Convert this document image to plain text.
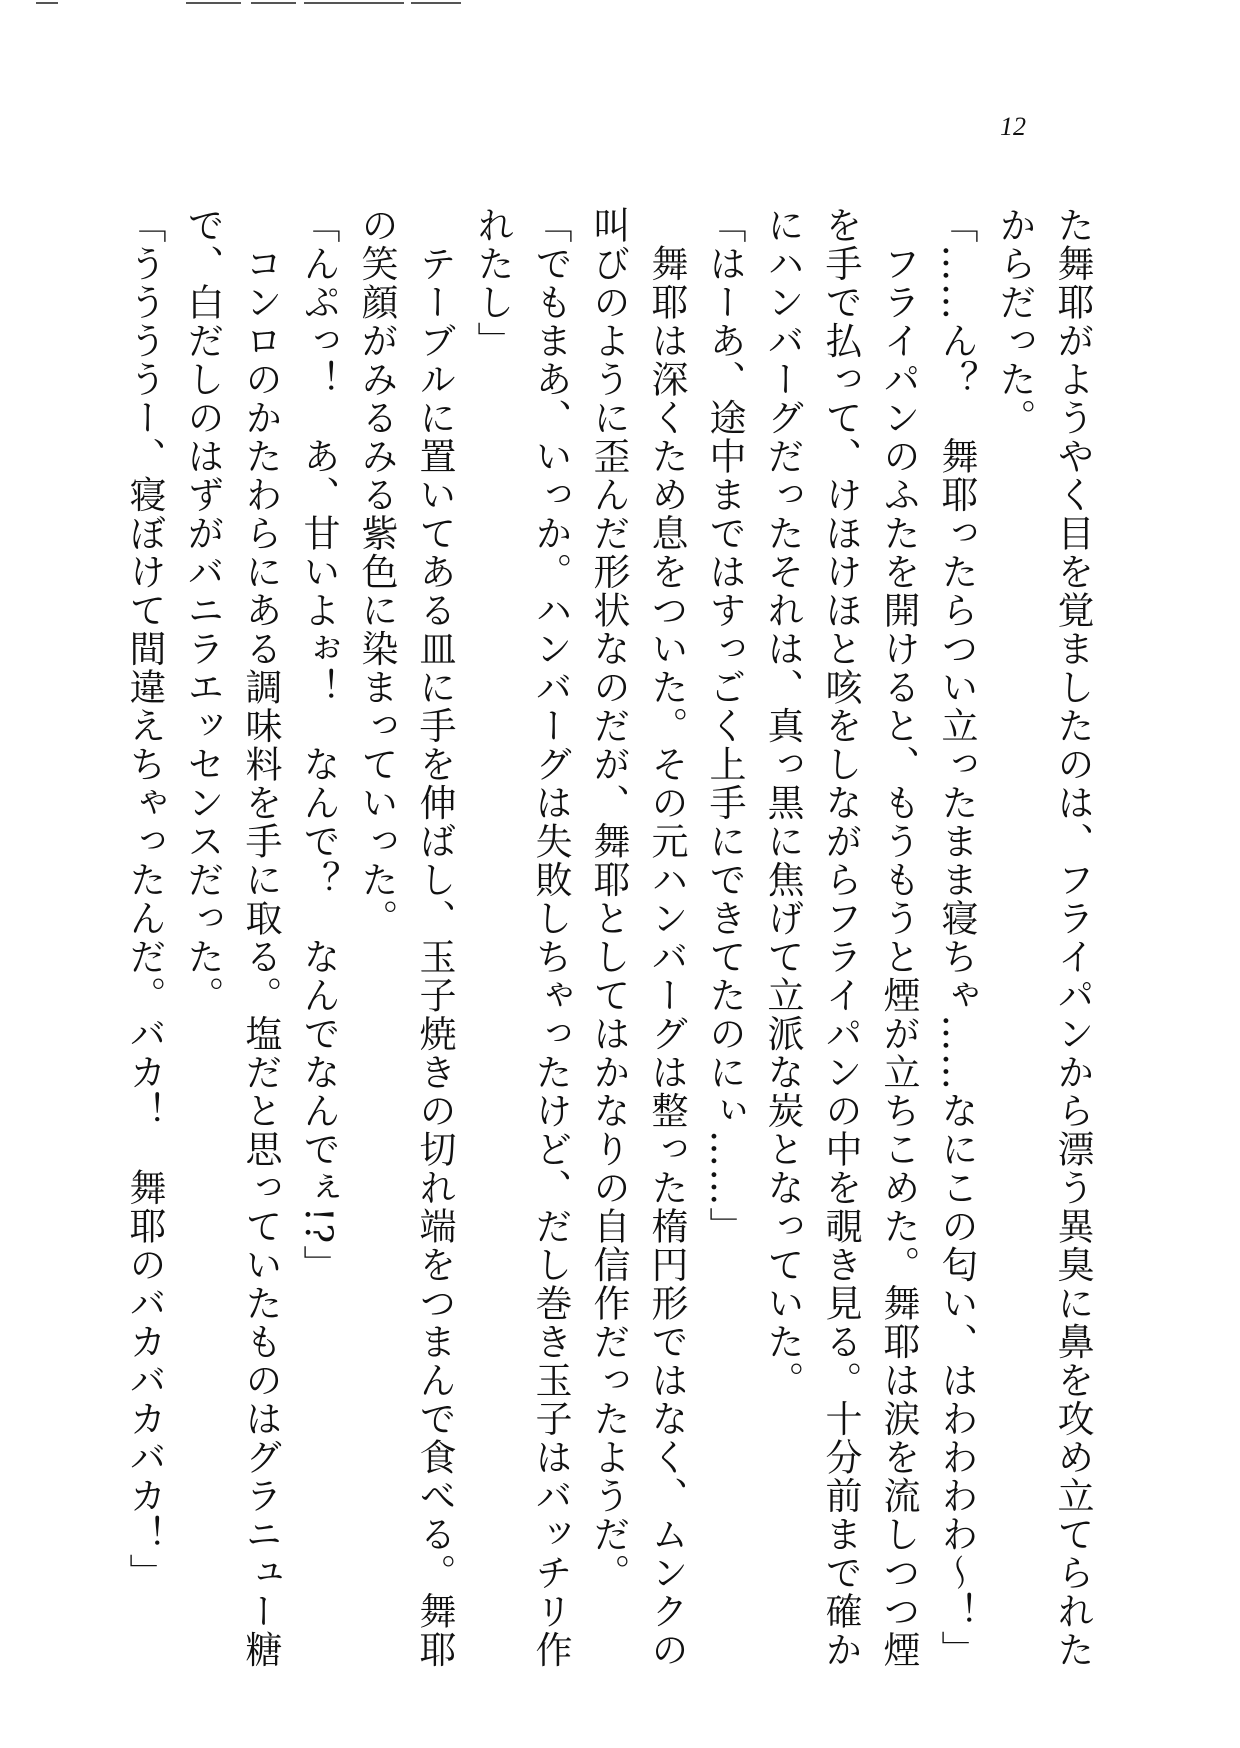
12
た舞耶がようやく目を覚ましたのは、フライパンから漂う異臭に鼻を攻め立てられた
からだった。
「……ん？　舞耶ったらつい立ったまま寝ちゃ……なにこの匂い、はわわわわ～！」
　フライパンのふたを開けると、もうもうと煙が立ちこめた。舞耶は涙を流しつつ煙
を手で払って、けほけほと咳をしながらフライパンの中を覗き見る。十分前まで確か
にハンバーグだったそれは、真っ黒に焦げて立派な炭となっていた。
「はーあ、途中まではすっごく上手にできてたのにぃ……」
　舞耶は深くため息をついた。その元ハンバーグは整った楕円形ではなく、ムンクの
叫びのように歪んだ形状なのだが、舞耶としてはかなりの自信作だったようだ。
「でもまあ、いっか。ハンバーグは失敗しちゃったけど、だし巻き玉子はバッチリ作
れたし」
　テーブルに置いてある皿に手を伸ばし、玉子焼きの切れ端をつまんで食べる。舞耶
の笑顔がみるみる紫色に染まっていった。
「んぷっ！　あ、甘いよぉ！　なんで？　なんでなんでぇ!?」
　コンロのかたわらにある調味料を手に取る。塩だと思っていたものはグラニュー糖
で、白だしのはずがバニラエッセンスだった。
「ううううー、寝ぼけて間違えちゃったんだ。バカ！　舞耶のバカバカバカ！」
